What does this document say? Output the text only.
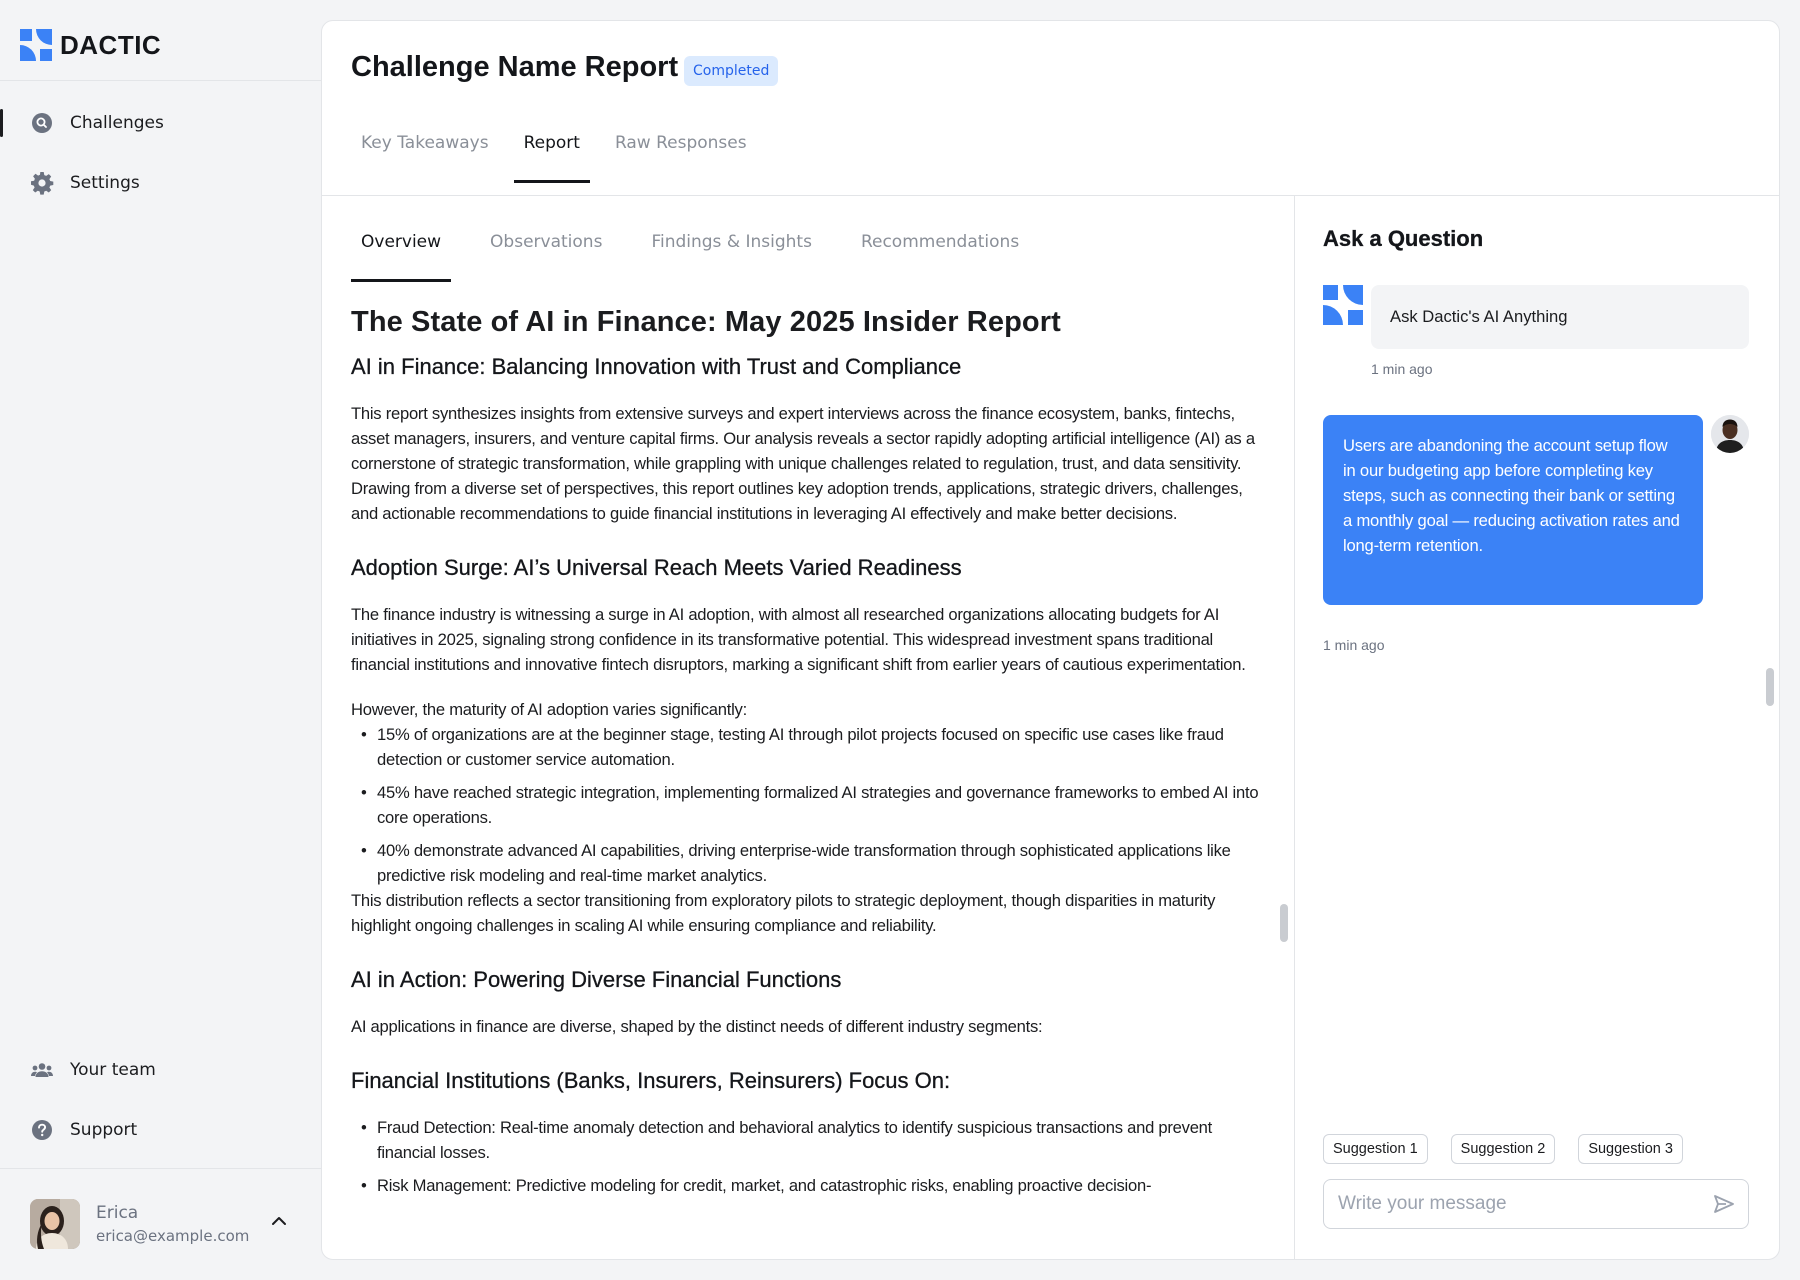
DACTIC
Challenges
Settings
Your team
Support
Erica
erica@example.com
Challenge Name Report	Completed
Key Takeaways	Report	Raw Responses
Overview	Observations	Findings & Insights	Recommendations
The State of AI in Finance: May 2025 Insider Report
AI in Finance: Balancing Innovation with Trust and Compliance

This report synthesizes insights from extensive surveys and expert interviews across the finance ecosystem, banks, fintechs, asset managers, insurers, and venture capital firms. Our analysis reveals a sector rapidly adopting artificial intelligence (AI) as a cornerstone of strategic transformation, while grappling with unique challenges related to regulation, trust, and data sensitivity. Drawing from a diverse set of perspectives, this report outlines key adoption trends, applications, strategic drivers, challenges, and actionable recommendations to guide financial institutions in leveraging AI effectively and make better decisions.

Adoption Surge: AI’s Universal Reach Meets Varied Readiness

The finance industry is witnessing a surge in AI adoption, with almost all researched organizations allocating budgets for AI initiatives in 2025, signaling strong confidence in its transformative potential. This widespread investment spans traditional financial institutions and innovative fintech disruptors, marking a significant shift from earlier years of cautious experimentation.

However, the maturity of AI adoption varies significantly:

• 15% of organizations are at the beginner stage, testing AI through pilot projects focused on specific use cases like fraud detection or customer service automation.
• 45% have reached strategic integration, implementing formalized AI strategies and governance frameworks to embed AI into core operations.
• 40% demonstrate advanced AI capabilities, driving enterprise-wide transformation through sophisticated applications like predictive risk modeling and real-time market analytics.

This distribution reflects a sector transitioning from exploratory pilots to strategic deployment, though disparities in maturity highlight ongoing challenges in scaling AI while ensuring compliance and reliability.

AI in Action: Powering Diverse Financial Functions

AI applications in finance are diverse, shaped by the distinct needs of different industry segments:

Financial Institutions (Banks, Insurers, Reinsurers) Focus On:
• Fraud Detection: Real-time anomaly detection and behavioral analytics to identify suspicious transactions and prevent financial losses.
• Risk Management: Predictive modeling for credit, market, and catastrophic risks, enabling proactive decision-
Ask a Question
Ask Dactic's AI Anything
1 min ago
Users are abandoning the account setup flow in our budgeting app before completing key steps, such as connecting their bank or setting a monthly goal — reducing activation rates and long-term retention.
1 min ago
Suggestion 1	Suggestion 2	Suggestion 3
Write your message
